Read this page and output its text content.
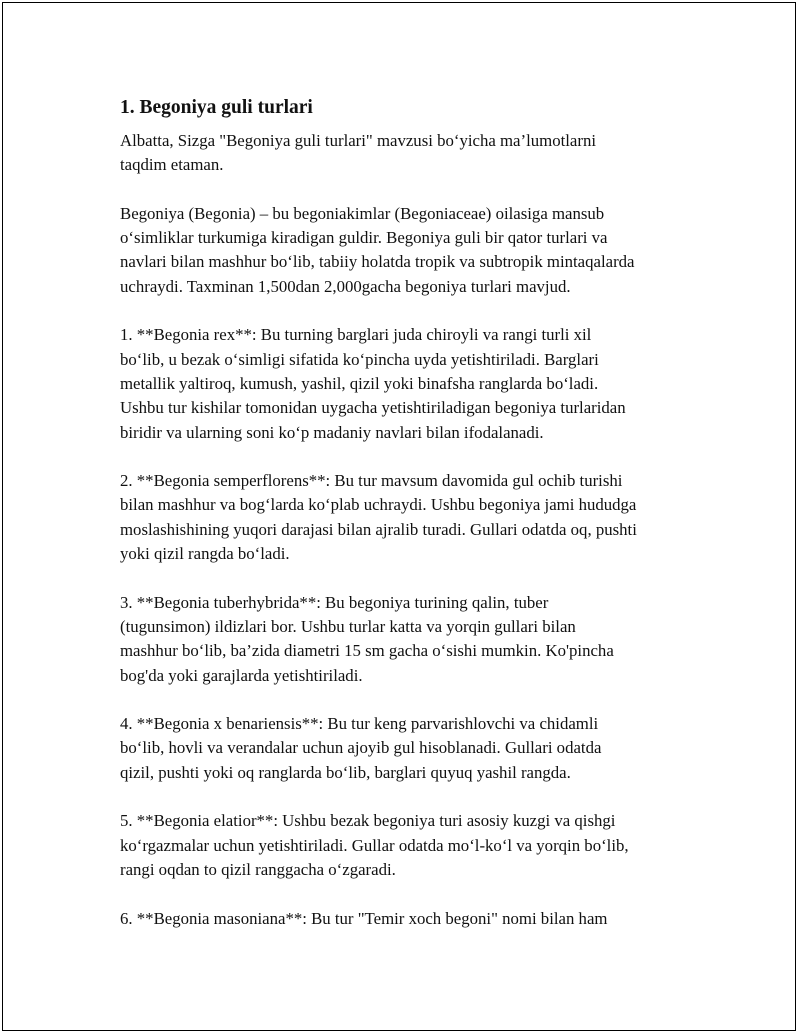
1. Begoniya guli turlari

Albatta, Sizga "Begoniya guli turlari" mavzusi bo‘yicha ma’lumotlarni
taqdim etaman.

Begoniya (Begonia) – bu begoniakimlar (Begoniaceae) oilasiga mansub
o‘simliklar turkumiga kiradigan guldir. Begoniya guli bir qator turlari va
navlari bilan mashhur bo‘lib, tabiiy holatda tropik va subtropik mintaqalarda
uchraydi. Taxminan 1,500dan 2,000gacha begoniya turlari mavjud.

1. **Begonia rex**: Bu turning barglari juda chiroyli va rangi turli xil
bo‘lib, u bezak o‘simligi sifatida ko‘pincha uyda yetishtiriladi. Barglari
metallik yaltiroq, kumush, yashil, qizil yoki binafsha ranglarda bo‘ladi.
Ushbu tur kishilar tomonidan uygacha yetishtiriladigan begoniya turlaridan
biridir va ularning soni ko‘p madaniy navlari bilan ifodalanadi.

2. **Begonia semperflorens**: Bu tur mavsum davomida gul ochib turishi
bilan mashhur va bog‘larda ko‘plab uchraydi. Ushbu begoniya jami hududga
moslashishining yuqori darajasi bilan ajralib turadi. Gullari odatda oq, pushti
yoki qizil rangda bo‘ladi.

3. **Begonia tuberhybrida**: Bu begoniya turining qalin, tuber
(tugunsimon) ildizlari bor. Ushbu turlar katta va yorqin gullari bilan
mashhur bo‘lib, ba’zida diametri 15 sm gacha o‘sishi mumkin. Ko'pincha
bog'da yoki garajlarda yetishtiriladi.

4. **Begonia x benariensis**: Bu tur keng parvarishlovchi va chidamli
bo‘lib, hovli va verandalar uchun ajoyib gul hisoblanadi. Gullari odatda
qizil, pushti yoki oq ranglarda bo‘lib, barglari quyuq yashil rangda.

5. **Begonia elatior**: Ushbu bezak begoniya turi asosiy kuzgi va qishgi
ko‘rgazmalar uchun yetishtiriladi. Gullar odatda mo‘l-ko‘l va yorqin bo‘lib,
rangi oqdan to qizil ranggacha o‘zgaradi.

6. **Begonia masoniana**: Bu tur "Temir xoch begoni" nomi bilan ham
